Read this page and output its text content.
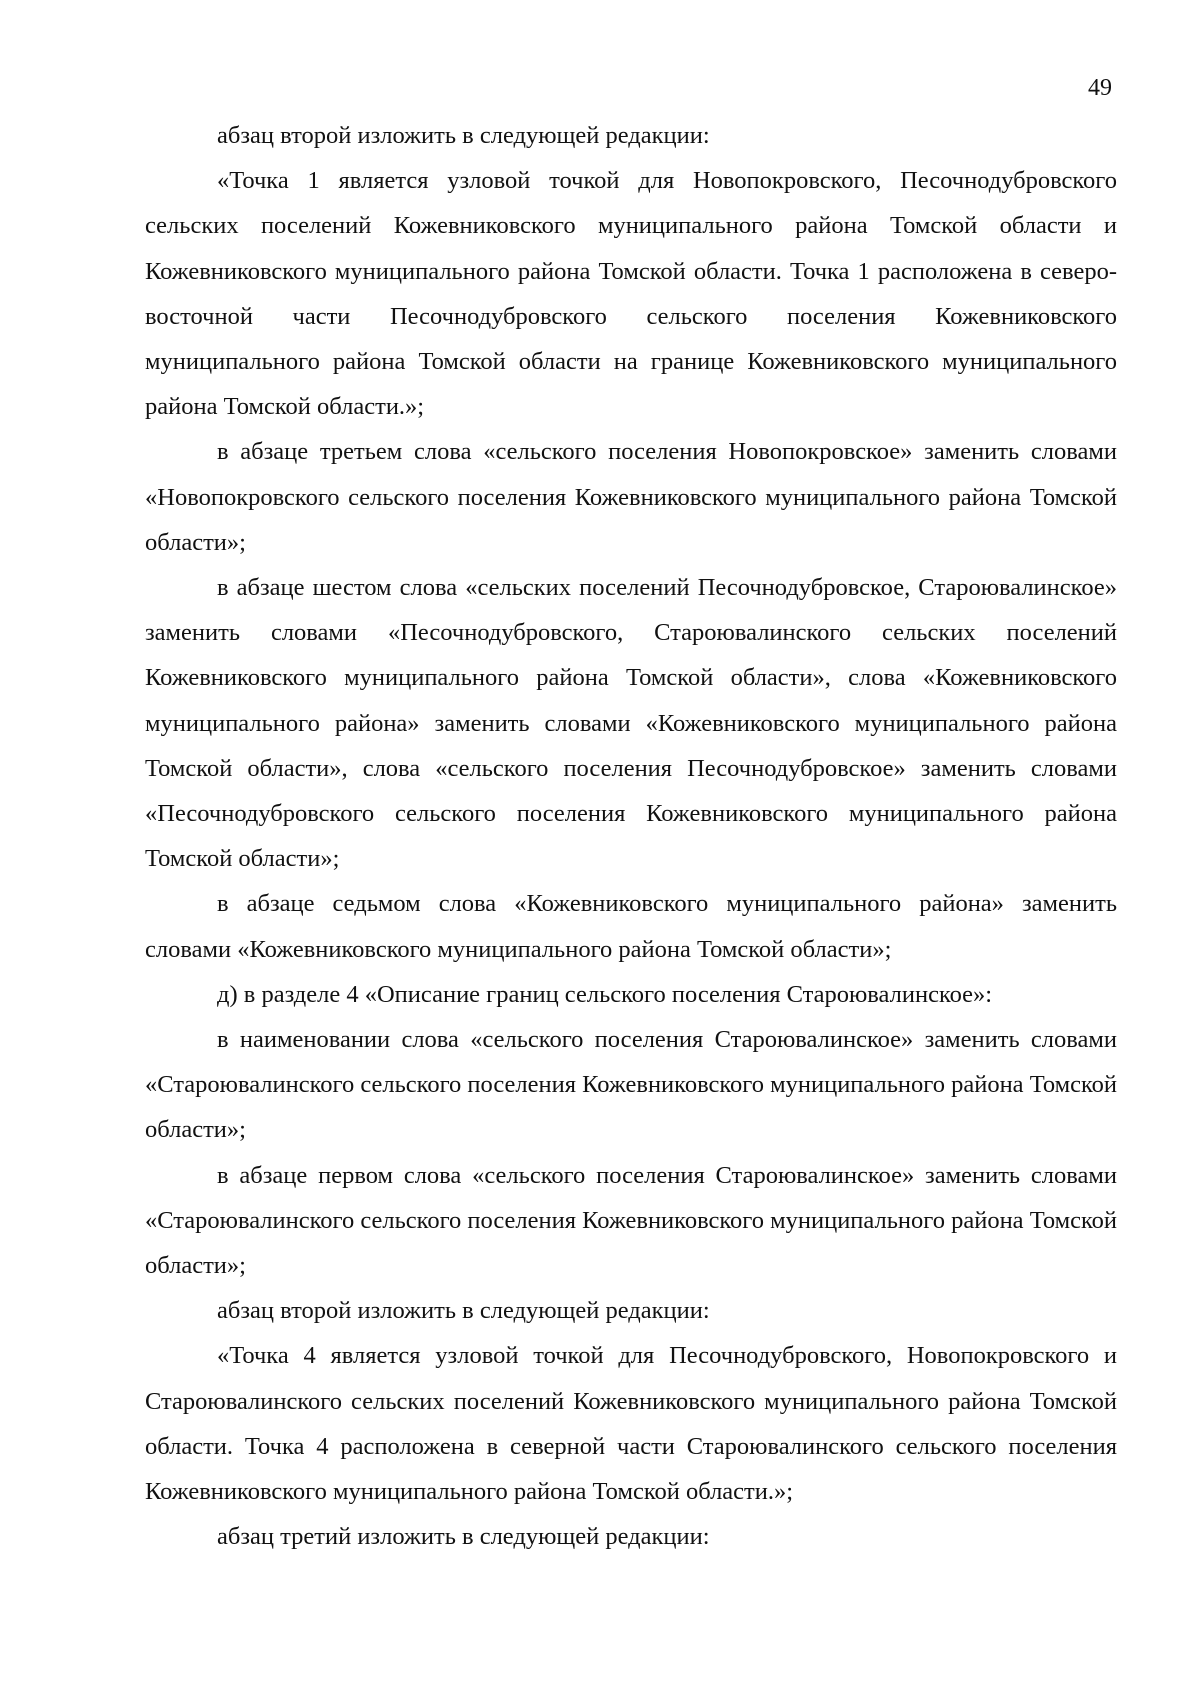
49

абзац второй изложить в следующей редакции:

«Точка 1 является узловой точкой для Новопокровского, Песочнодубровского сельских поселений Кожевниковского муниципального района Томской области и Кожевниковского муниципального района Томской области. Точка 1 расположена в северо-восточной части Песочнодубровского сельского поселения Кожевниковского муниципального района Томской области на границе Кожевниковского муниципального района Томской области.»;

в абзаце третьем слова «сельского поселения Новопокровское» заменить словами «Новопокровского сельского поселения Кожевниковского муниципального района Томской области»;

в абзаце шестом слова «сельских поселений Песочнодубровское, Староювалинское» заменить словами «Песочнодубровского, Староювалинского сельских поселений Кожевниковского муниципального района Томской области», слова «Кожевниковского муниципального района» заменить словами «Кожевниковского муниципального района Томской области», слова «сельского поселения Песочнодубровское» заменить словами «Песочнодубровского сельского поселения Кожевниковского муниципального района Томской области»;

в абзаце седьмом слова «Кожевниковского муниципального района» заменить словами «Кожевниковского муниципального района Томской области»;

д) в разделе 4 «Описание границ сельского поселения Староювалинское»:

в наименовании слова «сельского поселения Староювалинское» заменить словами «Староювалинского сельского поселения Кожевниковского муниципального района Томской области»;

в абзаце первом слова «сельского поселения Староювалинское» заменить словами «Староювалинского сельского поселения Кожевниковского муниципального района Томской области»;

абзац второй изложить в следующей редакции:

«Точка 4 является узловой точкой для Песочнодубровского, Новопокровского и Староювалинского сельских поселений Кожевниковского муниципального района Томской области. Точка 4 расположена в северной части Староювалинского сельского поселения Кожевниковского муниципального района Томской области.»;

абзац третий изложить в следующей редакции:
